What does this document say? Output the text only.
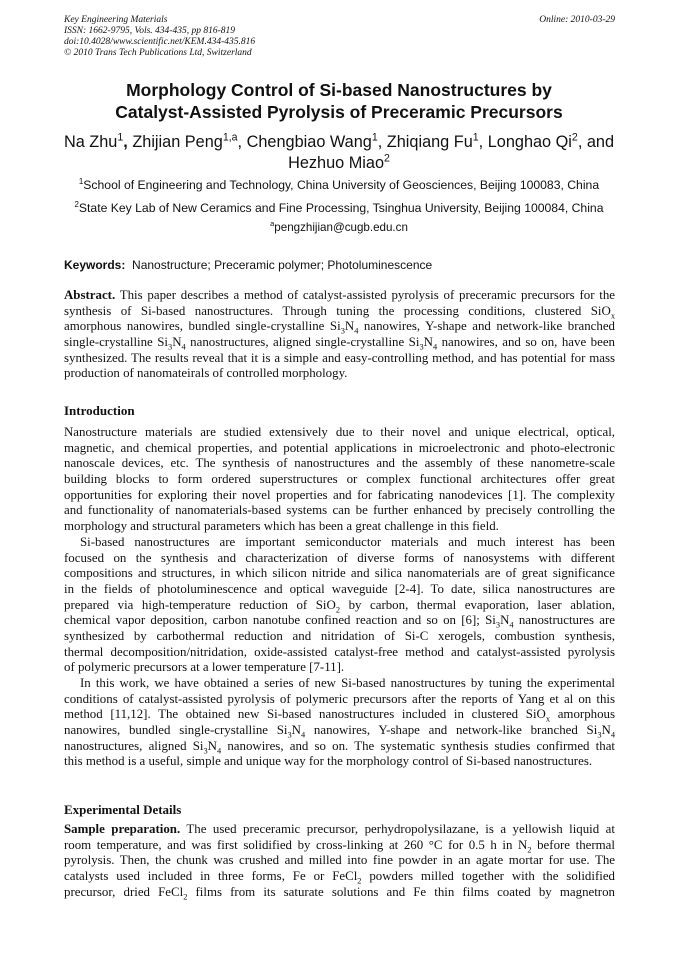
Key Engineering Materials
ISSN: 1662-9795, Vols. 434-435, pp 816-819
doi:10.4028/www.scientific.net/KEM.434-435.816
© 2010 Trans Tech Publications Ltd, Switzerland
Online: 2010-03-29
Morphology Control of Si-based Nanostructures by
Catalyst-Assisted Pyrolysis of Preceramic Precursors
Na Zhu$^1$, Zhijian Peng$^{1,a}$, Chengbiao Wang$^1$, Zhiqiang Fu$^1$, Longhao Qi$^2$, and
Hezhuo Miao$^2$
$^1$School of Engineering and Technology, China University of Geosciences, Beijing 100083, China
$^2$State Key Lab of New Ceramics and Fine Processing, Tsinghua University, Beijing 100084, China
$^a$pengzhijian@cugb.edu.cn
Keywords: Nanostructure; Preceramic polymer; Photoluminescence
Abstract. This paper describes a method of catalyst-assisted pyrolysis of preceramic precursors for the
synthesis of Si-based nanostructures. Through tuning the processing conditions, clustered SiO$_x$
amorphous nanowires, bundled single-crystalline $Si_3N_4$ nanowires, Y-shape and network-like branched
single-crystalline $Si_3N_4$ nanostructures, aligned single-crystalline $Si_3N_4$ nanowires, and so on, have been
synthesized. The results reveal that it is a simple and easy-controlling method, and has potential for mass
production of nanomateirals of controlled morphology.
Introduction
Nanostructure materials are studied extensively due to their novel and unique electrical, optical,
magnetic, and chemical properties, and potential applications in microelectronic and photo-electronic
nanoscale devices, etc. The synthesis of nanostructures and the assembly of these nanometre-scale
building blocks to form ordered superstructures or complex functional architectures offer great
opportunities for exploring their novel properties and for fabricating nanodevices [1]. The complexity
and functionality of nanomaterials-based systems can be further enhanced by precisely controlling the
morphology and structural parameters which has been a great challenge in this field.
Si-based nanostructures are important semiconductor materials and much interest has been
focused on the synthesis and characterization of diverse forms of nanosystems with different
compositions and structures, in which silicon nitride and silica nanomaterials are of great significance
in the fields of photoluminescence and optical waveguide [2-4]. To date, silica nanostructures are
prepared via high-temperature reduction of SiO$_2$ by carbon, thermal evaporation, laser ablation,
chemical vapor deposition, carbon nanotube confined reaction and so on [6]; $Si_3N_4$ nanostructures are
synthesized by carbothermal reduction and nitridation of Si-C xerogels, combustion synthesis,
thermal decomposition/nitridation, oxide-assisted catalyst-free method and catalyst-assisted pyrolysis
of polymeric precursors at a lower temperature [7-11].
In this work, we have obtained a series of new Si-based nanostructures by tuning the experimental
conditions of catalyst-assisted pyrolysis of polymeric precursors after the reports of Yang et al on this
method [11,12]. The obtained new Si-based nanostructures included in clustered SiO$_x$ amorphous
nanowires, bundled single-crystalline $Si_3N_4$ nanowires, Y-shape and network-like branched $Si_3N_4$
nanostructures, aligned $Si_3N_4$ nanowires, and so on. The systematic synthesis studies confirmed that
this method is a useful, simple and unique way for the morphology control of Si-based nanostructures.
Experimental Details
Sample preparation. The used preceramic precursor, perhydropolysilazane, is a yellowish liquid at
room temperature, and was first solidified by cross-linking at 260 °C for 0.5 h in $N_2$ before thermal
pyrolysis. Then, the chunk was crushed and milled into fine powder in an agate mortar for use. The
catalysts used included in three forms, Fe or FeCl$_2$ powders milled together with the solidified
precursor, dried FeCl$_2$ films from its saturate solutions and Fe thin films coated by magnetron
